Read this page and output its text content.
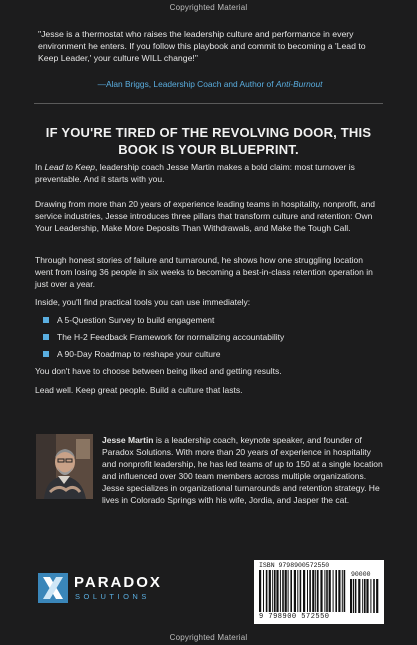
Copyrighted Material
"Jesse is a thermostat who raises the leadership culture and performance in every environment he enters. If you follow this playbook and commit to becoming a 'Lead to Keep Leader,' your culture WILL change!"
—Alan Briggs, Leadership Coach and Author of Anti-Burnout
IF YOU'RE TIRED OF THE REVOLVING DOOR, THIS BOOK IS YOUR BLUEPRINT.
In Lead to Keep, leadership coach Jesse Martin makes a bold claim: most turnover is preventable. And it starts with you.
Drawing from more than 20 years of experience leading teams in hospitality, nonprofit, and service industries, Jesse introduces three pillars that transform culture and retention: Own Your Leadership, Make More Deposits Than Withdrawals, and Make the Tough Call.
Through honest stories of failure and turnaround, he shows how one struggling location went from losing 36 people in six weeks to becoming a best-in-class retention operation in just over a year.
Inside, you'll find practical tools you can use immediately:
A 5-Question Survey to build engagement
The H-2 Feedback Framework for normalizing accountability
A 90-Day Roadmap to reshape your culture
You don't have to choose between being liked and getting results.
Lead well. Keep great people. Build a culture that lasts.
Jesse Martin is a leadership coach, keynote speaker, and founder of Paradox Solutions. With more than 20 years of experience in hospitality and nonprofit leadership, he has led teams of up to 150 at a single location and influenced over 300 team members across multiple organizations. Jesse specializes in organizational turnarounds and retention strategy. He lives in Colorado Springs with his wife, Jordia, and Jasper the cat.
PARADOX
SOLUTIONS
ISBN 9798900572550
90000
9 798900 572550
Copyrighted Material
